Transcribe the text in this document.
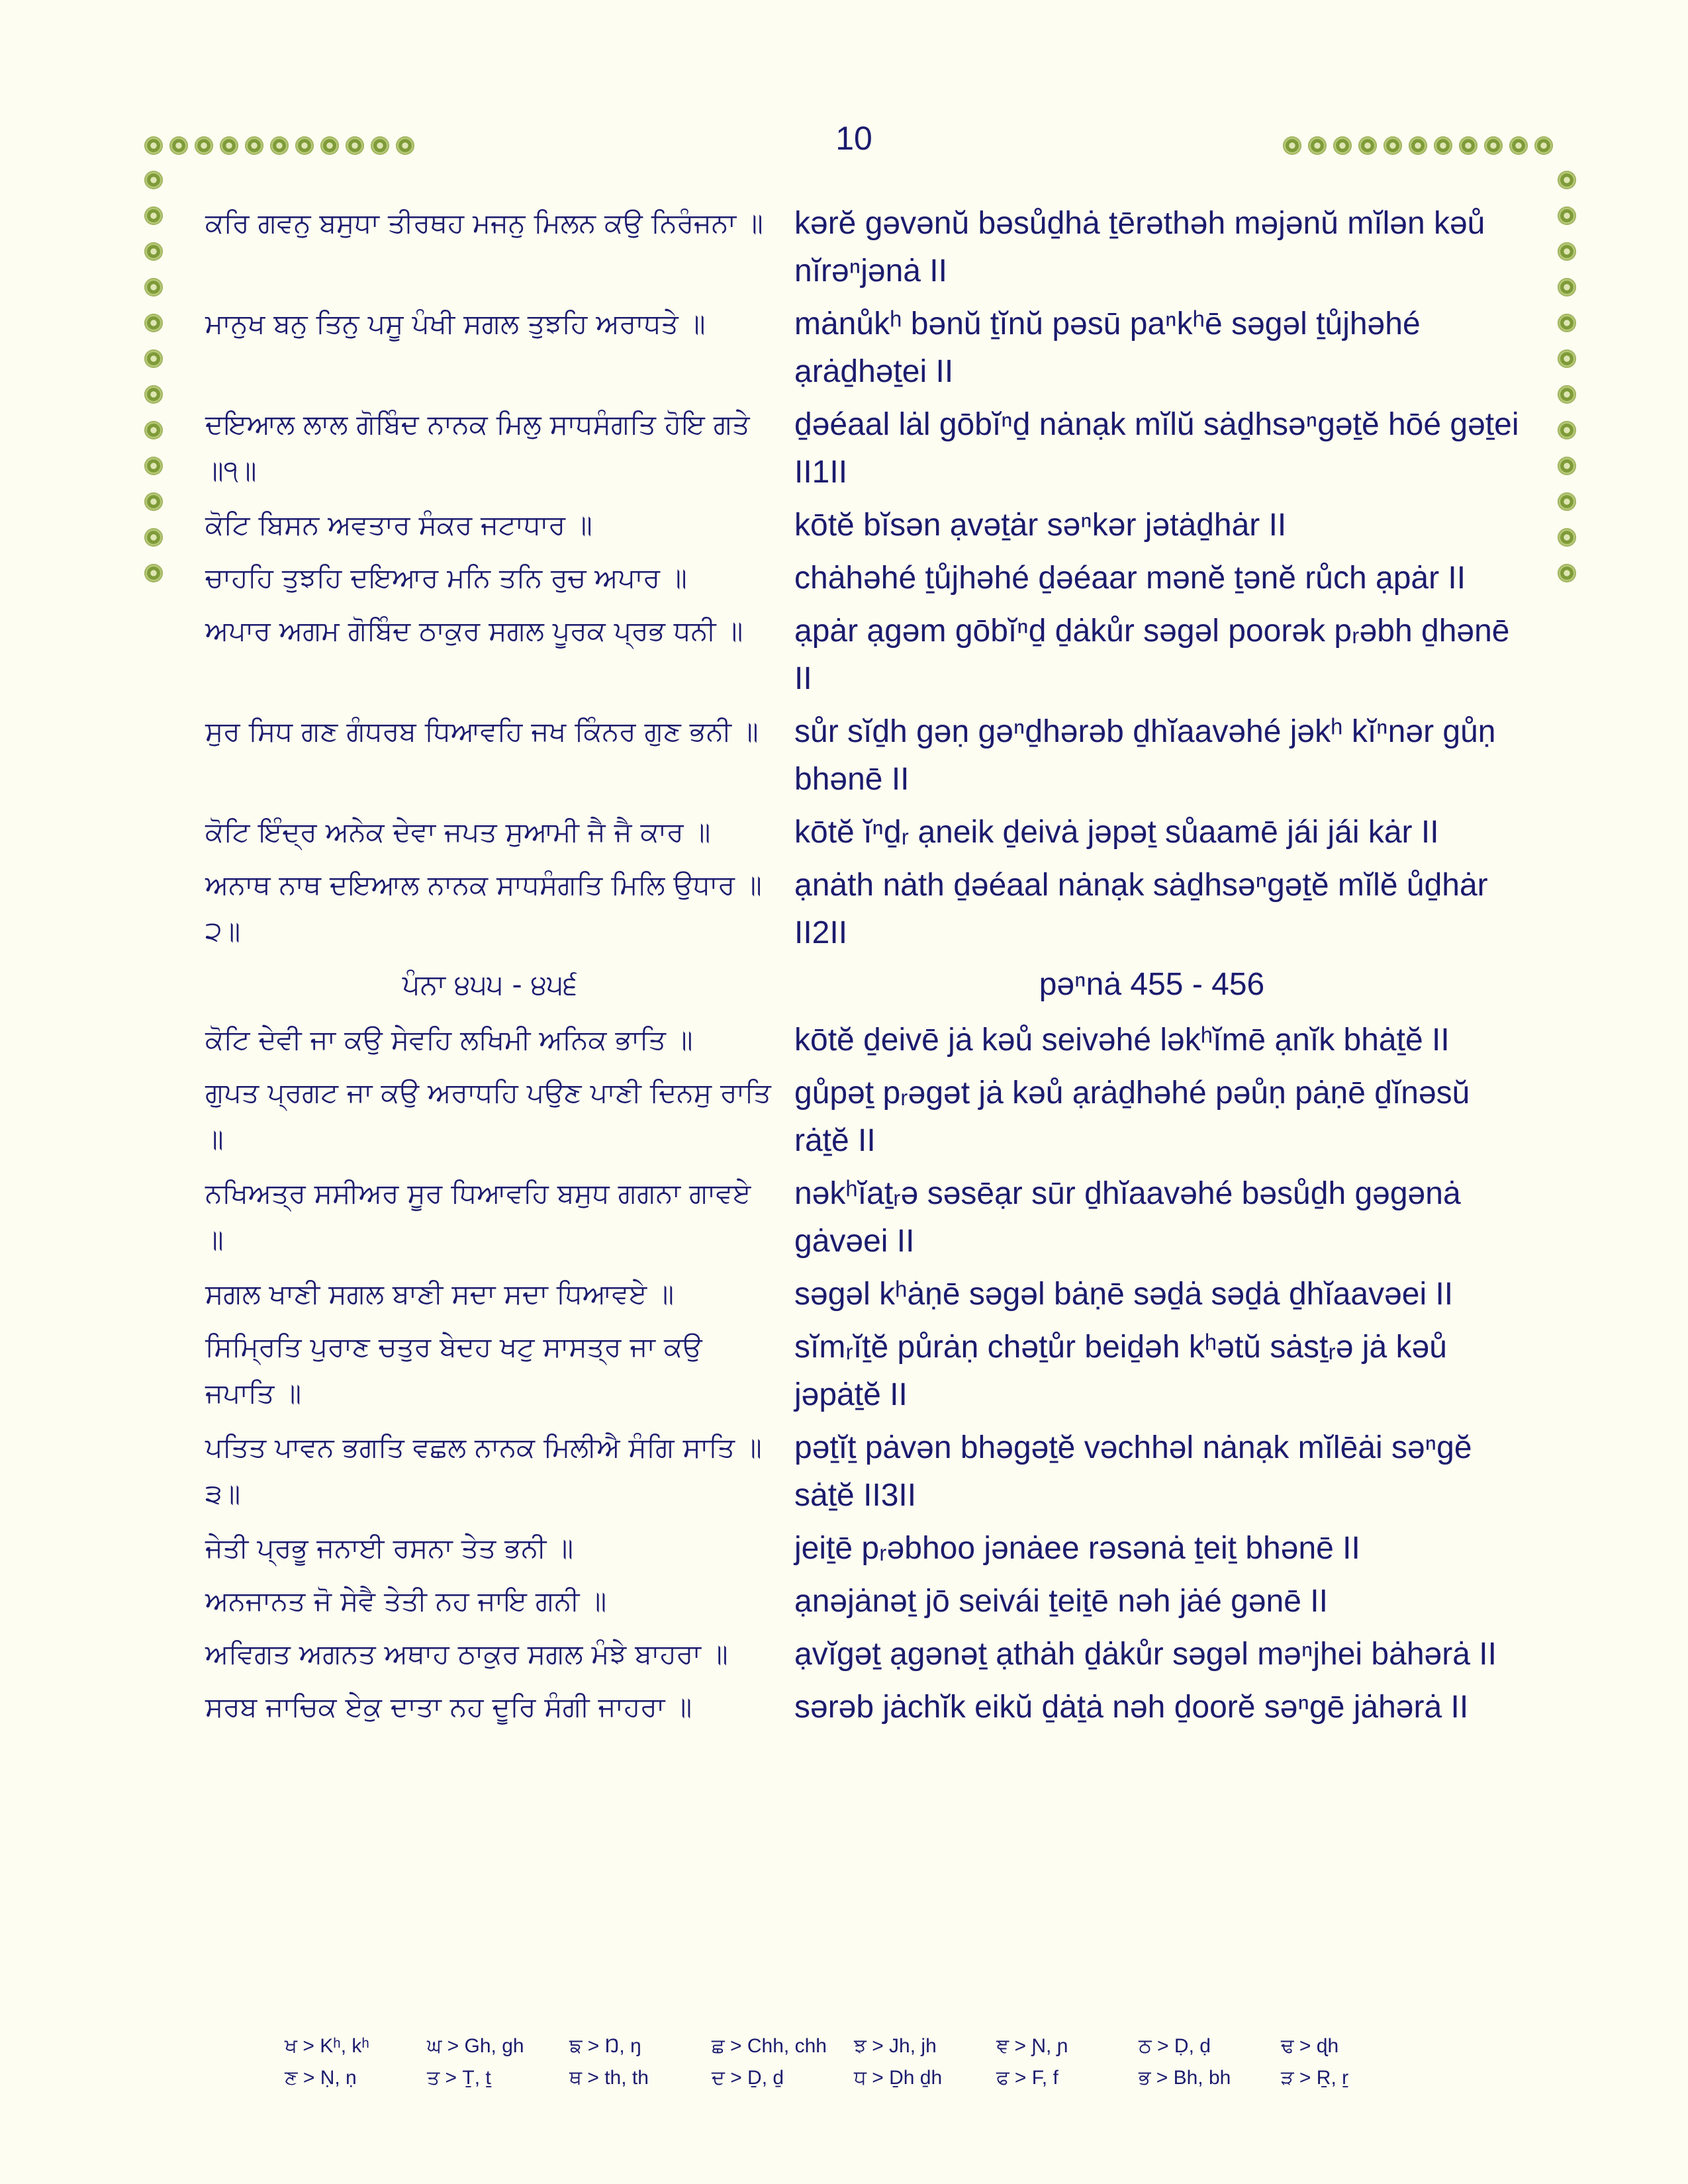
10
ਕਰਿ ਗਵਨੁ ਬਸੁਧਾ ਤੀਰਥਹ ਮਜਨੁ ਮਿਲਨ ਕਉ ਨਿਰੰਜਨਾ ॥ kərĕ gəvənŭ bəsůḏhȧ ṯērəthəh məjənŭ mĭlən kəů nĭrəⁿjənȧ II
ਮਾਨੁਖ ਬਨੁ ਤਿਨੁ ਪਸੂ ਪੰਖੀ ਸਗਲ ਤੁਝਹਿ ਅਰਾਧਤੇ ॥	mȧnůkʰ bənŭ ṯĭnŭ pəsū paⁿkʰē səgəl ṯůjhəhé ạrȧḏhəṯei II
ਦਇਆਲ ਲਾਲ ਗੋਬਿੰਦ ਨਾਨਕ ਮਿਲੁ ਸਾਧਸੰਗਤਿ ਹੋਇ ਗਤੇ ॥੧॥
ḏəéaal lȧl gōbĭⁿḏ nȧnạk mĭlŭ sȧḏhsəⁿgəṯĕ hōé gəṯei II1II
ਕੋਟਿ ਬਿਸਨ ਅਵਤਾਰ ਸੰਕਰ ਜਟਾਧਾਰ ॥	kōtĕ bĭsən ạvəṯȧr səⁿkər jətȧḏhȧr II
ਚਾਹਹਿ ਤੁਝਹਿ ਦਇਆਰ ਮਨਿ ਤਨਿ ਰੁਚ ਅਪਾਰ ॥	chȧhəhé ṯůjhəhé ḏəéaar mənĕ ṯənĕ růch ạpȧr II
ਅਪਾਰ ਅਗਮ ਗੋਬਿੰਦ ਠਾਕੁਰ ਸਗਲ ਪੂਰਕ ਪ੍ਰਭ ਧਨੀ ॥	ạpȧr ạgəm gōbĭⁿḏ ḏȧkůr səgəl poorək pᵣəbh ḏhənē II
ਸੁਰ ਸਿਧ ਗਣ ਗੰਧਰਬ ਧਿਆਵਹਿ ਜਖ ਕਿੰਨਰ ਗੁਣ ਭਨੀ ॥	sůr sĭḏh gəṇ gəⁿḏhərəb ḏhĭaavəhé jəkʰ kĭⁿnər gůṇ bhənē II
ਕੋਟਿ ਇੰਦ੍ਰ ਅਨੇਕ ਦੇਵਾ ਜਪਤ ਸੁਆਮੀ ਜੈ ਜੈ ਕਾਰ ॥	kōtĕ ĭⁿḏᵣ ạneik ḏeivȧ jəpəṯ sůaamē jái jái kȧr II
ਅਨਾਥ ਨਾਥ ਦਇਆਲ ਨਾਨਕ ਸਾਧਸੰਗਤਿ ਮਿਲਿ ਉਧਾਰ ॥੨॥
ạnȧth nȧth ḏəéaal nȧnạk sȧḏhsəⁿgəṯĕ mĭlĕ ůḏhȧr II2II
ਪੰਨਾ ੪੫੫ - ੪੫੬	pəⁿnȧ 455 - 456
ਕੋਟਿ ਦੇਵੀ ਜਾ ਕਉ ਸੇਵਹਿ ਲਖਿਮੀ ਅਨਿਕ ਭਾਤਿ ॥	kōtĕ ḏeivē jȧ kəů seivəhé ləkʰĭmē ạnĭk bhȧṯĕ II
ਗੁਪਤ ਪ੍ਰਗਟ ਜਾ ਕਉ ਅਰਾਧਹਿ ਪਉਣ ਪਾਣੀ ਦਿਨਸੁ ਰਾਤਿ ॥
gůpəṯ pᵣəgət jȧ kəů ạrȧḏhəhé pəůṇ pȧṇē ḏĭnəsŭ rȧṯĕ II
ਨਖਿਅਤ੍ਰ ਸਸੀਅਰ ਸੂਰ ਧਿਆਵਹਿ ਬਸੁਧ ਗਗਨਾ ਗਾਵਏ ॥
nəkʰĭaṯᵣə səsēạr sūr ḏhĭaavəhé bəsůḏh gəgənȧ gȧvəei II
ਸਗਲ ਖਾਣੀ ਸਗਲ ਬਾਣੀ ਸਦਾ ਸਦਾ ਧਿਆਵਏ ॥	səgəl kʰȧṇē səgəl bȧṇē səḏȧ səḏȧ ḏhĭaavəei II
ਸਿਮ੍ਰਿਤਿ ਪੁਰਾਣ ਚਤੁਰ ਬੇਦਹ ਖਟੁ ਸਾਸਤ੍ਰ ਜਾ ਕਉ ਜਪਾਤਿ ॥
sĭmᵣĭṯĕ půrȧṇ chəṯůr beiḏəh kʰətŭ sȧsṯᵣə jȧ kəů jəpȧṯĕ II
ਪਤਿਤ ਪਾਵਨ ਭਗਤਿ ਵਛਲ ਨਾਨਕ ਮਿਲੀਐ ਸੰਗਿ ਸਾਤਿ ॥੩॥
pəṯĭṯ pȧvən bhəgəṯĕ vəchhəl nȧnạk mĭlēȧi səⁿgĕ sȧṯĕ II3II
ਜੇਤੀ ਪ੍ਰਭੂ ਜਨਾਈ ਰਸਨਾ ਤੇਤ ਭਨੀ ॥	jeiṯē pᵣəbhoo jənȧee rəsənȧ ṯeiṯ bhənē II
ਅਨਜਾਨਤ ਜੋ ਸੇਵੈ ਤੇਤੀ ਨਹ ਜਾਇ ਗਨੀ ॥	ạnəjȧnəṯ jō seivái ṯeiṯē nəh jȧé gənē II
ਅਵਿਗਤ ਅਗਨਤ ਅਥਾਹ ਠਾਕੁਰ ਸਗਲ ਮੰਝੇ ਬਾਹਰਾ ॥	ạvĭgəṯ ạgənəṯ ạthȧh ḏȧkůr səgəl məⁿjhei bȧhərȧ II
ਸਰਬ ਜਾਚਿਕ ਏਕੁ ਦਾਤਾ ਨਹ ਦੂਰਿ ਸੰਗੀ ਜਾਹਰਾ ॥	sərəb jȧchĭk eikŭ ḏȧṯȧ nəh ḏoorĕ səⁿgē jȧhərȧ II
ਖ > Kʰ, kʰ	ਘ > Gh, gh	ਙ > Ŋ, ŋ	ਛ > Chh, chh	ਝ > Jh, jh	ਞ > Ɲ, ɲ	ਠ > Ḍ, ḍ	ਢ > ɖh
ਣ > Ṇ, ṇ	ਤ > Ṯ, ṯ	ਥ > th, th	ਦ > Ḏ, ḏ	ਧ > Ḏh ḏh	ਫ > F, f	ਭ > Bh, bh	ੜ > Ṟ, ṟ
